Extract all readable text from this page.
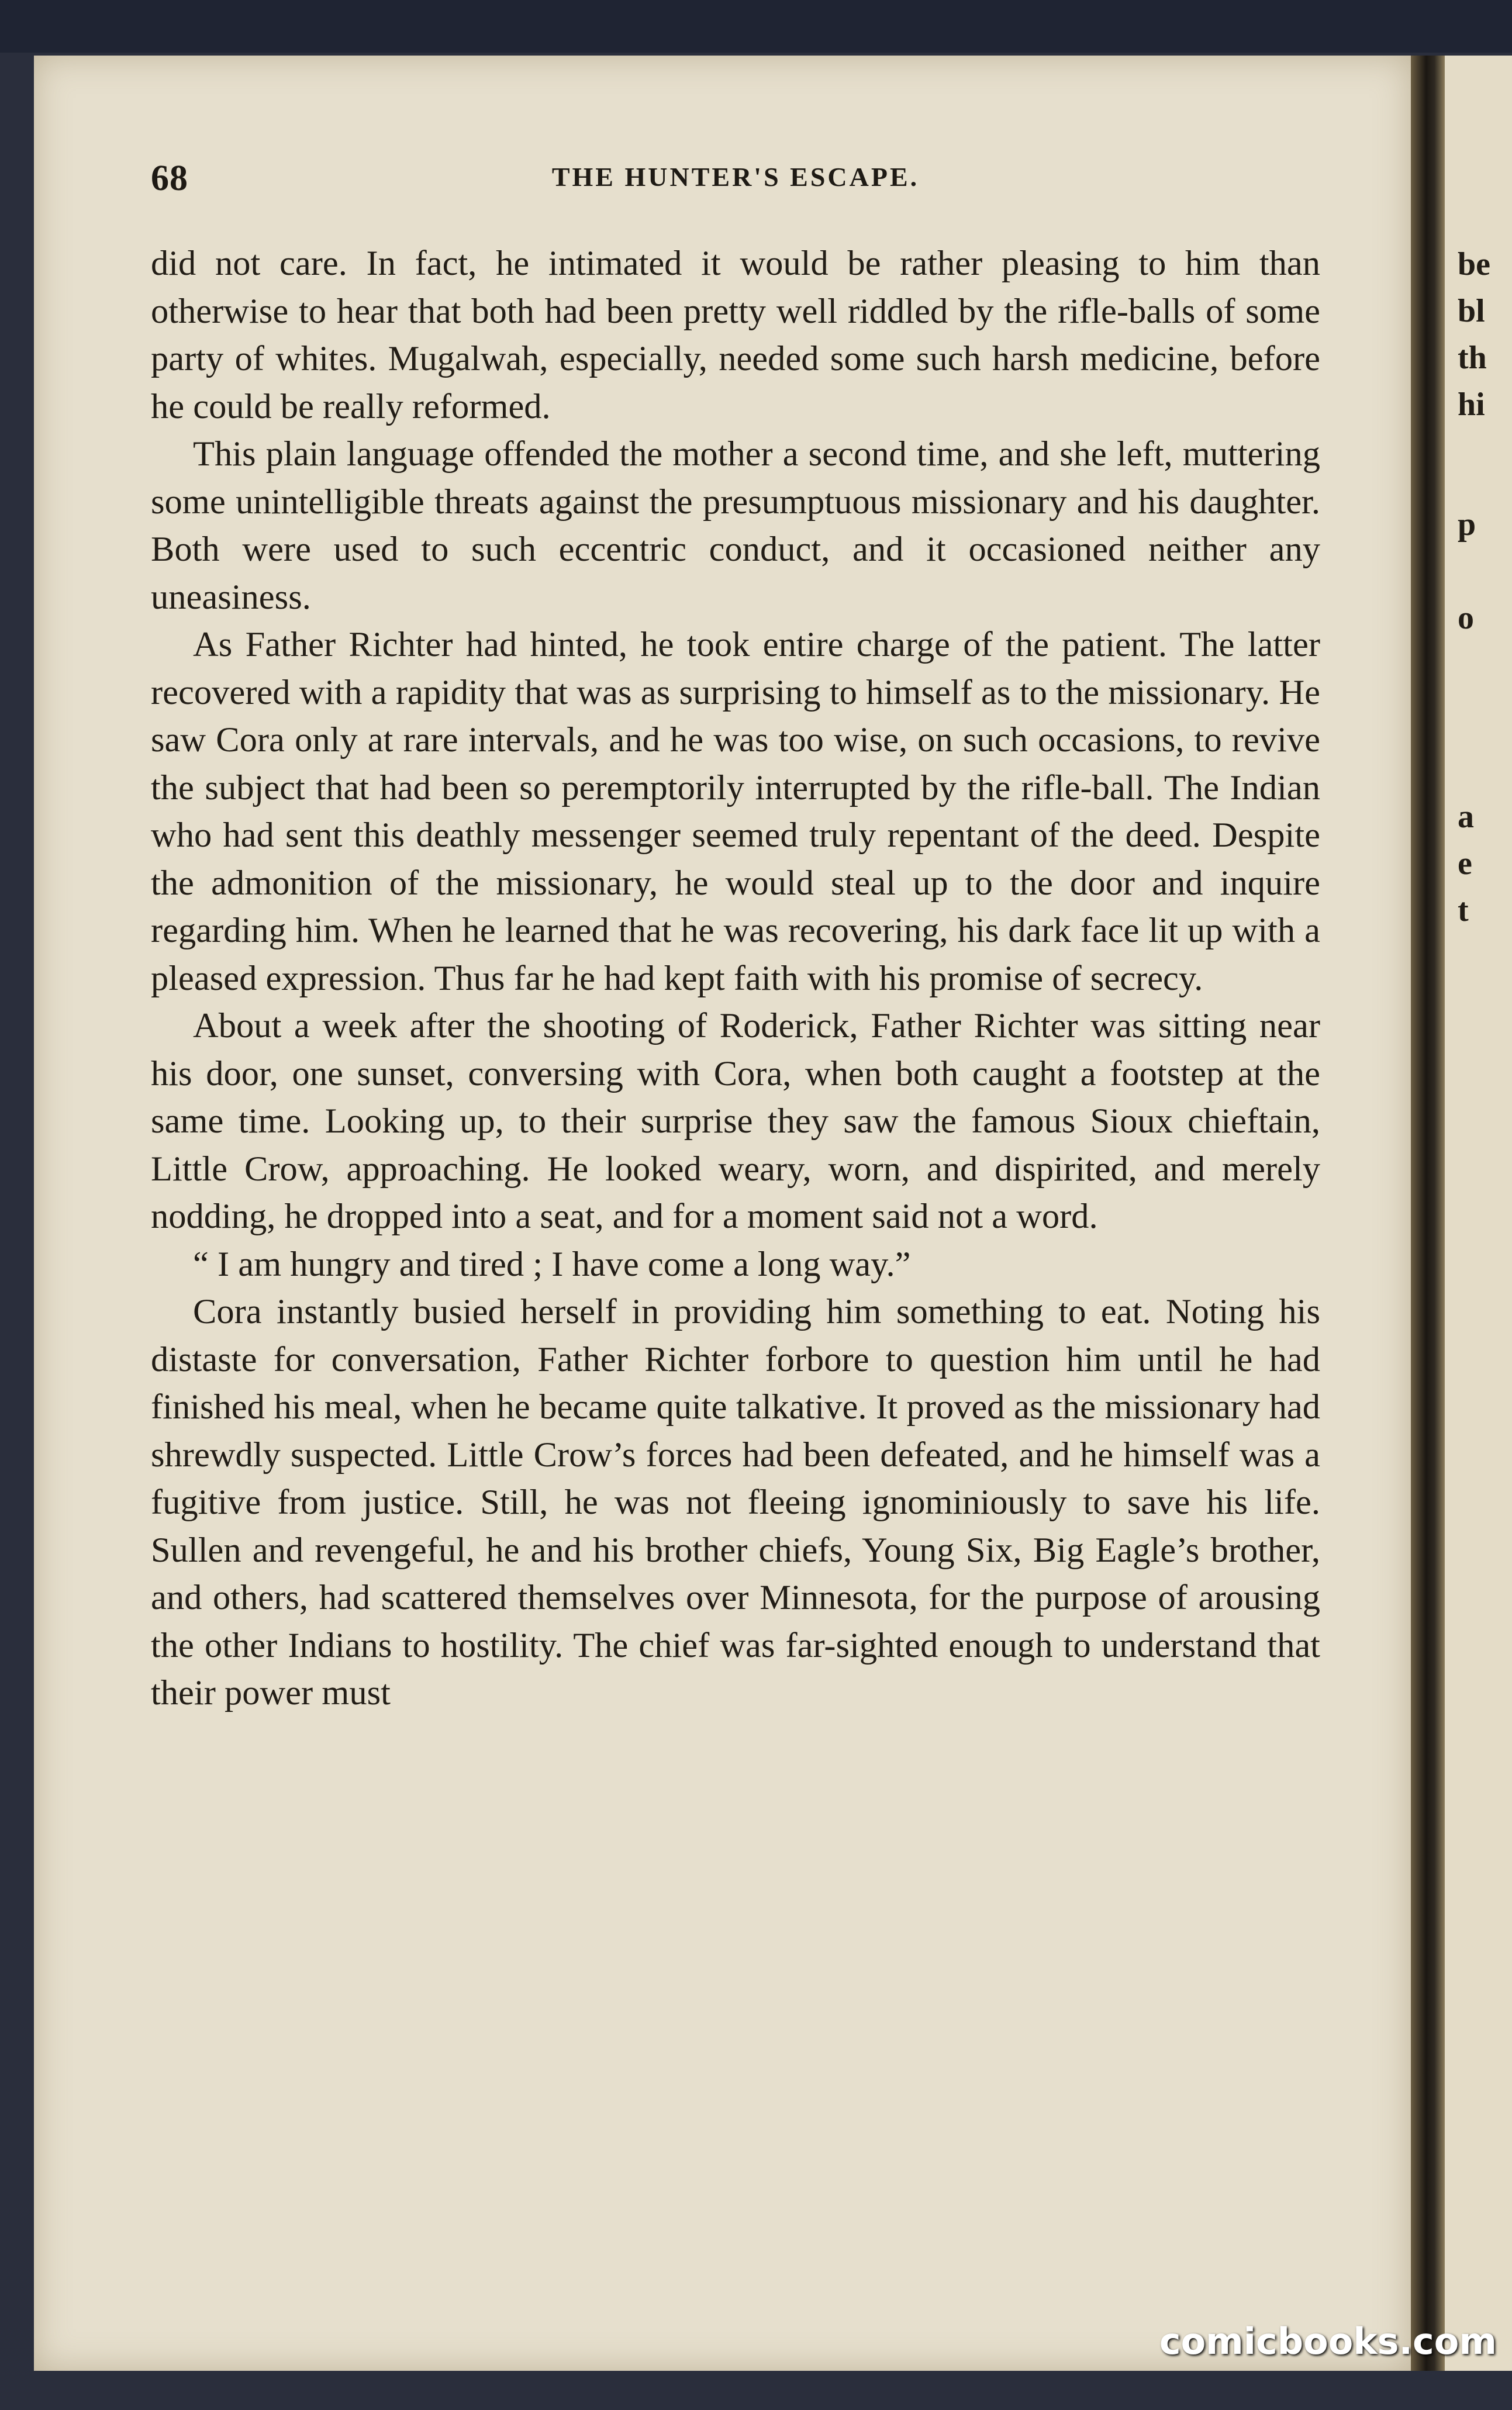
68	THE HUNTER'S ESCAPE.

did not care. In fact, he intimated it would be rather pleasing to him than otherwise to hear that both had been pretty well riddled by the rifle-balls of some party of whites. Mugalwah, especially, needed some such harsh medicine, before he could be really reformed.

This plain language offended the mother a second time, and she left, muttering some unintelligible threats against the presumptuous missionary and his daughter. Both were used to such eccentric conduct, and it occasioned neither any uneasiness.

As Father Richter had hinted, he took entire charge of the patient. The latter recovered with a rapidity that was as surprising to himself as to the missionary. He saw Cora only at rare intervals, and he was too wise, on such occasions, to revive the subject that had been so peremptorily interrupted by the rifle-ball. The Indian who had sent this deathly messenger seemed truly repentant of the deed. Despite the admonition of the missionary, he would steal up to the door and inquire regarding him. When he learned that he was recovering, his dark face lit up with a pleased expression. Thus far he had kept faith with his promise of secrecy.

About a week after the shooting of Roderick, Father Richter was sitting near his door, one sunset, conversing with Cora, when both caught a footstep at the same time. Looking up, to their surprise they saw the famous Sioux chieftain, Little Crow, approaching. He looked weary, worn, and dispirited, and merely nodding, he dropped into a seat, and for a moment said not a word.

“ I am hungry and tired ; I have come a long way.”

Cora instantly busied herself in providing him something to eat. Noting his distaste for conversation, Father Richter forbore to question him until he had finished his meal, when he became quite talkative. It proved as the missionary had shrewdly suspected. Little Crow’s forces had been defeated, and he himself was a fugitive from justice. Still, he was not fleeing ignominiously to save his life. Sullen and revengeful, he and his brother chiefs, Young Six, Big Eagle’s brother, and others, had scattered themselves over Minnesota, for the purpose of arousing the other Indians to hostility. The chief was far-sighted enough to understand that their power must

be
bl
th
hi
p
o
a
e
t
comicbooks.com
